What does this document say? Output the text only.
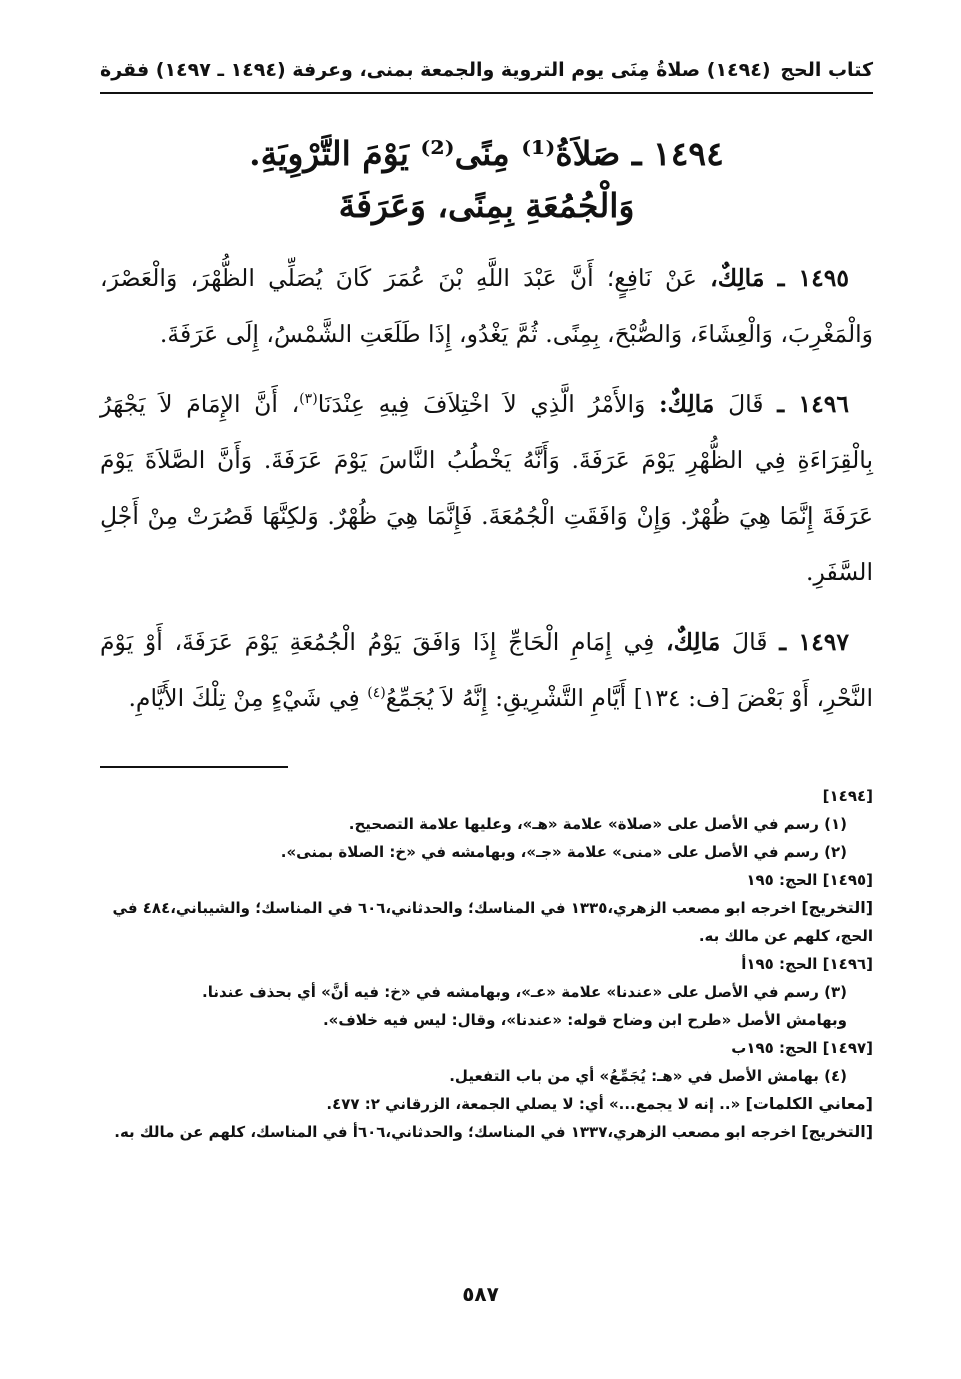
كتاب الحج
(١٤٩٤) صلاةُ مِنَى يوم التروية والجمعة بمنى، وعرفة (١٤٩٤ ـ ١٤٩٧) فقرة
١٤٩٤ ـ صَلاَةُ⁽¹⁾ مِنًى⁽²⁾ يَوْمَ التَّرْوِيَةِ.
وَالْجُمُعَةِ بِمِنًى، وَعَرَفَةَ

١٤٩٥ ـ مَالِكٌ، عَنْ نَافِعٍ؛ أَنَّ عَبْدَ اللَّهِ بْنَ عُمَرَ كَانَ يُصَلِّي الظُّهْرَ، وَالْعَصْرَ، وَالْمَغْرِبَ، وَالْعِشَاءَ، وَالصُّبْحَ، بِمِنًى. ثُمَّ يَغْدُو، إِذَا طَلَعَتِ الشَّمْسُ، إِلَى عَرَفَةَ.

١٤٩٦ ـ قَالَ مَالِكٌ: وَالأَمْرُ الَّذِي لاَ اخْتِلاَفَ فِيهِ عِنْدَنَا$^{(٣)}$، أَنَّ الإِمَامَ لاَ يَجْهَرُ بِالْقِرَاءَةِ فِي الظُّهْرِ يَوْمَ عَرَفَةَ. وَأَنَّهُ يَخْطُبُ النَّاسَ يَوْمَ عَرَفَةَ. وَأَنَّ الصَّلاَةَ يَوْمَ عَرَفَةَ إِنَّمَا هِيَ ظُهْرٌ. وَإِنْ وَافَقَتِ الْجُمُعَةَ. فَإِنَّمَا هِيَ ظُهْرٌ. وَلكِنَّهَا قَصُرَتْ مِنْ أَجْلِ السَّفَرِ.

١٤٩٧ ـ قَالَ مَالِكٌ، فِي إِمَامِ الْحَاجِّ إِذَا وَافَقَ يَوْمُ الْجُمُعَةِ يَوْمَ عَرَفَةَ، أَوْ يَوْمَ النَّحْرِ، أَوْ بَعْضَ [ف: ١٣٤] أَيَّامِ التَّشْرِيقِ: إِنَّهُ لاَ يُجَمِّعُ$^{(٤)}$ فِي شَيْءٍ مِنْ تِلْكَ الأَيَّامِ.

[١٤٩٤]
(١) رسم في الأصل على «صلاة» علامة «هـ»، وعليها علامة التصحيح.
(٢) رسم في الأصل على «منى» علامة «جـ»، وبهامشه في «خ: الصلاة بمنى».
[١٤٩٥] الحج: ١٩٥
[التخريج] اخرجه ابو مصعب الزهري،١٣٣٥ في المناسك؛ والحدثاني،٦٠٦ في المناسك؛ والشيباني،٤٨٤ في الحج، كلهم عن مالك به.
[١٤٩٦] الحج: ١٩٥أ
(٣) رسم في الأصل على «عندنا» علامة «عـ»، وبهامشه في «خ: فيه أنَّ» أي بحذف عندنا.
وبهامش الأصل «طرح ابن وضاح قوله: «عندنا»، وقال: ليس فيه خلاف».
[١٤٩٧] الحج: ١٩٥ب
(٤) بهامش الأصل في «هـ: يُجَمِّعُ» أي من باب التفعيل.
[معاني الكلمات] «.. إنه لا يجمع...» أي: لا يصلي الجمعة، الزرقاني ٢: ٤٧٧.
[التخريج] اخرجه ابو مصعب الزهري،١٣٣٧ في المناسك؛ والحدثاني،٦٠٦أ في المناسك، كلهم عن مالك به.
٥٨٧
